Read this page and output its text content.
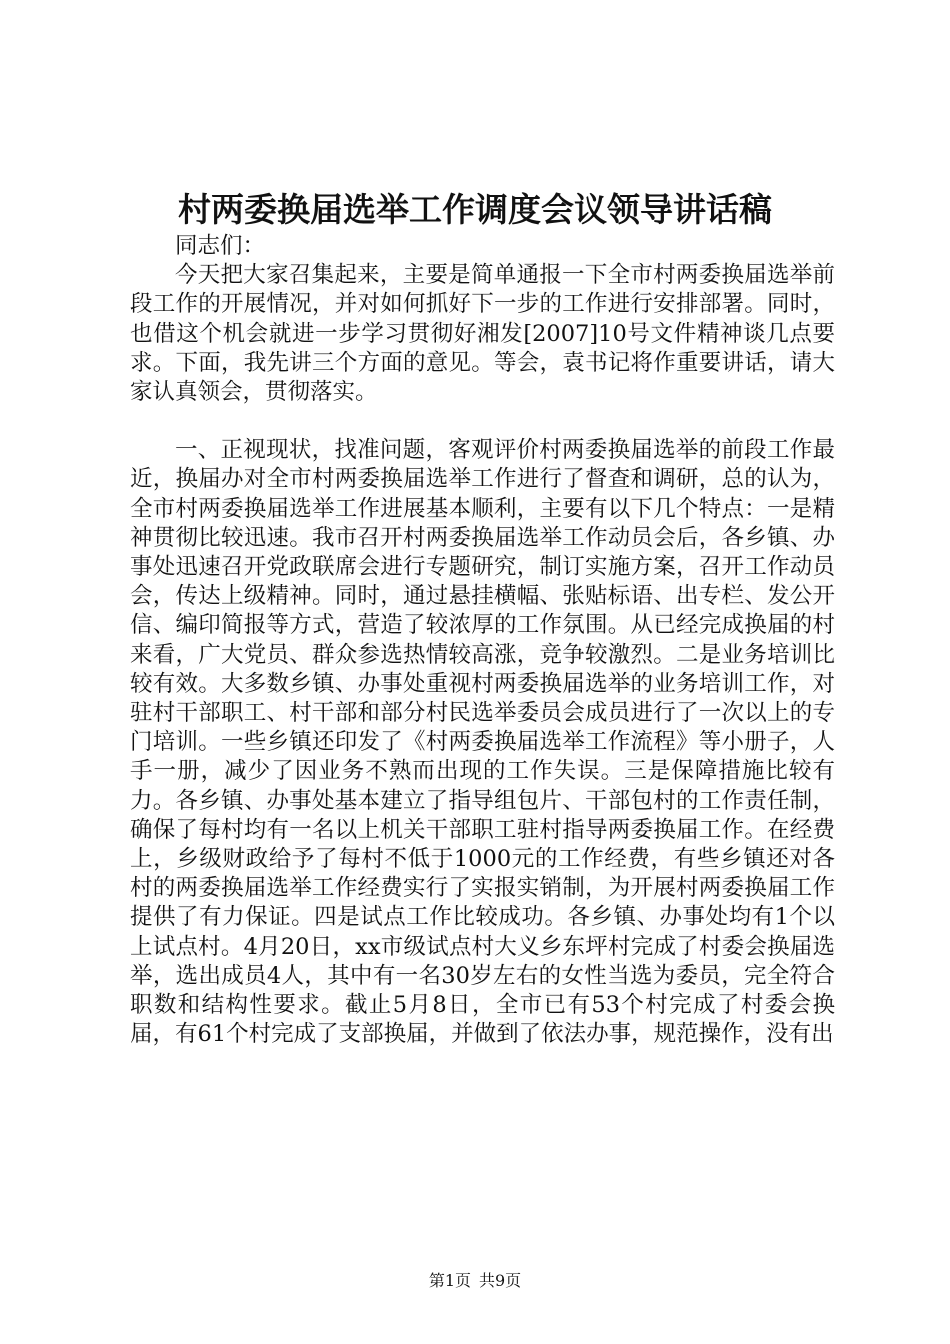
村两委换届选举工作调度会议领导讲话稿

同志们：

今天把大家召集起来，主要是简单通报一下全市村两委换届选举前段工作的开展情况，并对如何抓好下一步的工作进行安排部署。同时，也借这个机会就进一步学习贯彻好湘发[2007]10号文件精神谈几点要求。下面，我先讲三个方面的意见。等会，袁书记将作重要讲话，请大家认真领会，贯彻落实。

一、正视现状，找准问题，客观评价村两委换届选举的前段工作最近，换届办对全市村两委换届选举工作进行了督查和调研，总的认为，全市村两委换届选举工作进展基本顺利，主要有以下几个特点：一是精神贯彻比较迅速。我市召开村两委换届选举工作动员会后，各乡镇、办事处迅速召开党政联席会进行专题研究，制订实施方案，召开工作动员会，传达上级精神。同时，通过悬挂横幅、张贴标语、出专栏、发公开信、编印简报等方式，营造了较浓厚的工作氛围。从已经完成换届的村来看，广大党员、群众参选热情较高涨，竞争较激烈。二是业务培训比较有效。大多数乡镇、办事处重视村两委换届选举的业务培训工作，对驻村干部职工、村干部和部分村民选举委员会成员进行了一次以上的专门培训。一些乡镇还印发了《村两委换届选举工作流程》等小册子，人手一册，减少了因业务不熟而出现的工作失误。三是保障措施比较有力。各乡镇、办事处基本建立了指导组包片、干部包村的工作责任制，确保了每村均有一名以上机关干部职工驻村指导两委换届工作。在经费上，乡级财政给予了每村不低于1000元的工作经费，有些乡镇还对各村的两委换届选举工作经费实行了实报实销制，为开展村两委换届工作提供了有力保证。四是试点工作比较成功。各乡镇、办事处均有1个以上试点村。4月20日，xx市级试点村大义乡东坪村完成了村委会换届选举，选出成员4人，其中有一名30岁左右的女性当选为委员，完全符合职数和结构性要求。截止5月8日，全市已有53个村完成了村委会换届，有61个村完成了支部换届，并做到了依法办事，规范操作，没有出

第1页 共9页
